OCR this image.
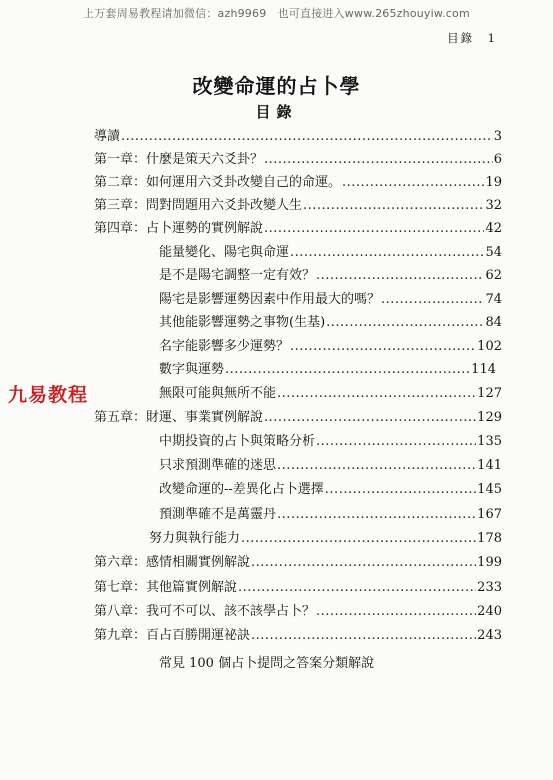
上万套周易教程请加微信：azh9969　也可直接进入www.265zhouyiw.com
目錄　1
改變命運的占卜學
目錄
導讀 .....	3
第一章：什麼是策天六爻卦？ .....	6
第二章：如何運用六爻卦改變自己的命運。 .....	19
第三章：問對問題用六爻卦改變人生 .....	32
第四章：占卜運勢的實例解說 .....	42
能量變化、陽宅與命運 .....	54
是不是陽宅調整一定有效？ .....	62
陽宅是影響運勢因素中作用最大的嗎？ .....	74
其他能影響運勢之事物(生基) .....	84
名字能影響多少運勢？ .....	102
數字與運勢 .....	114
無限可能與無所不能 .....	127
第五章：財運、事業實例解說 .....	129
中期投資的占卜與策略分析 .....	135
只求預測準確的迷思 .....	141
改變命運的--差異化占卜選擇 .....	145
預測準確不是萬靈丹 .....	167
努力與執行能力 .....	178
第六章：感情相關實例解說 .....	199
第七章：其他篇實例解說 .....	233
第八章：我可不可以、該不該學占卜？ .....	240
第九章：百占百勝開運祕訣 .....	243
九易教程
常見 100 個占卜提問之答案分類解說
